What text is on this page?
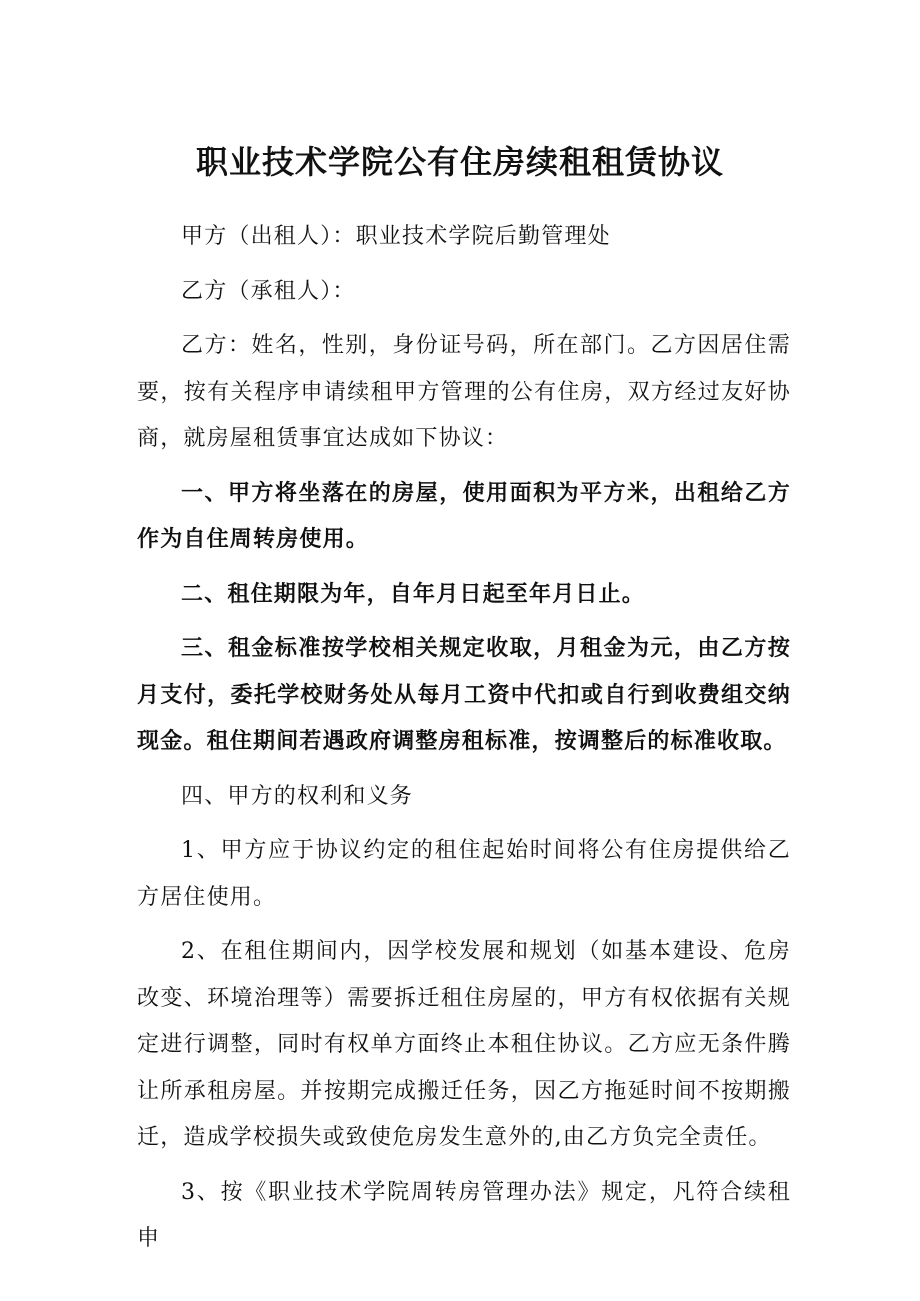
职业技术学院公有住房续租租赁协议

甲方（出租人）：职业技术学院后勤管理处

乙方（承租人）：

乙方：姓名，性别，身份证号码，所在部门。乙方因居住需要，按有关程序申请续租甲方管理的公有住房，双方经过友好协商，就房屋租赁事宜达成如下协议：

一、甲方将坐落在的房屋，使用面积为平方米，出租给乙方作为自住周转房使用。

二、租住期限为年，自年月日起至年月日止。

三、租金标准按学校相关规定收取，月租金为元，由乙方按月支付，委托学校财务处从每月工资中代扣或自行到收费组交纳现金。租住期间若遇政府调整房租标准，按调整后的标准收取。

四、甲方的权利和义务

1、甲方应于协议约定的租住起始时间将公有住房提供给乙方居住使用。

2、在租住期间内，因学校发展和规划（如基本建设、危房改变、环境治理等）需要拆迁租住房屋的，甲方有权依据有关规定进行调整，同时有权单方面终止本租住协议。乙方应无条件腾让所承租房屋。并按期完成搬迁任务，因乙方拖延时间不按期搬迁，造成学校损失或致使危房发生意外的,由乙方负完全责任。

3、按《职业技术学院周转房管理办法》规定，凡符合续租申
